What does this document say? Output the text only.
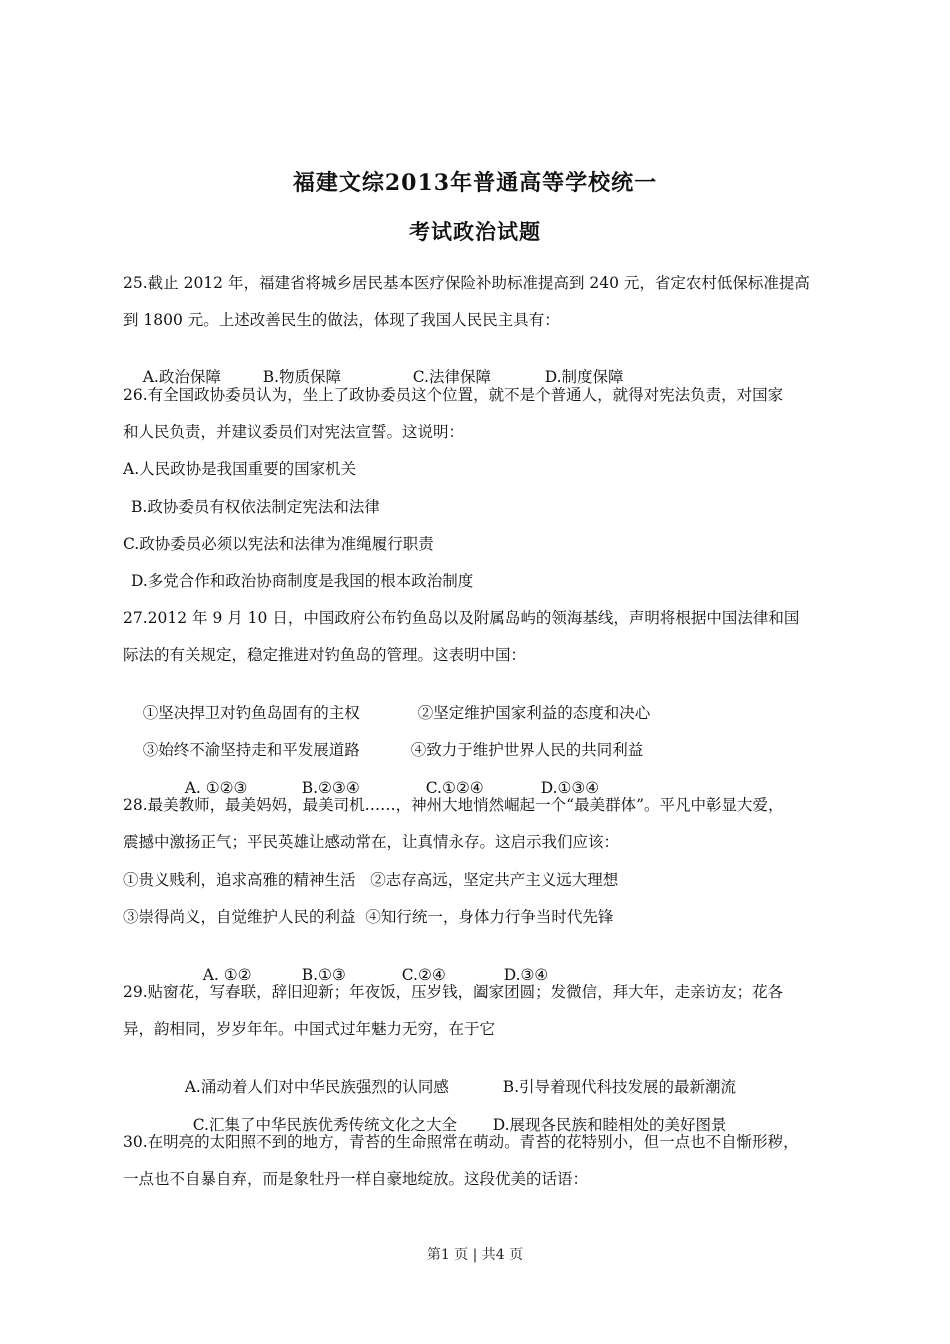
福建文综2013年普通高等学校统一
考试政治试题
25.截止 2012 年，福建省将城乡居民基本医疗保险补助标准提高到 240 元，省定农村低保标准提高
到 1800 元。上述改善民生的做法，体现了我国人民民主具有：

A.政治保障	B.物质保障	C.法律保障	D.制度保障

26.有全国政协委员认为，坐上了政协委员这个位置，就不是个普通人，就得对宪法负责，对国家
和人民负责，并建议委员们对宪法宣誓。这说明：
A.人民政协是我国重要的国家机关
B.政协委员有权依法制定宪法和法律
C.政协委员必须以宪法和法律为准绳履行职责
D.多党合作和政治协商制度是我国的根本政治制度
27.2012 年 9 月 10 日，中国政府公布钓鱼岛以及附属岛屿的领海基线，声明将根据中国法律和国
际法的有关规定，稳定推进对钓鱼岛的管理。这表明中国：

①坚决捍卫对钓鱼岛固有的主权	②坚定维护国家利益的态度和决心

③始终不渝坚持走和平发展道路	④致力于维护世界人民的共同利益

A. ①②③	B.②③④	C.①②④	D.①③④

28.最美教师，最美妈妈，最美司机……，神州大地悄然崛起一个“最美群体”。平凡中彰显大爱，
震撼中激扬正气；平民英雄让感动常在，让真情永存。这启示我们应该：
①贵义贱利，追求高雅的精神生活   ②志存高远，坚定共产主义远大理想
③崇得尚义，自觉维护人民的利益  ④知行统一，身体力行争当时代先锋

A. ①②	B.①③	C.②④	D.③④

29.贴窗花，写春联，辞旧迎新；年夜饭，压岁钱，阖家团圆；发微信，拜大年，走亲访友；花各
异，韵相同，岁岁年年。中国式过年魅力无穷，在于它

A.涌动着人们对中华民族强烈的认同感	B.引导着现代科技发展的最新潮流

C.汇集了中华民族优秀传统文化之大全 D.展现各民族和睦相处的美好图景

30.在明亮的太阳照不到的地方，青苔的生命照常在萌动。青苔的花特别小，但一点也不自惭形秽，
一点也不自暴自弃，而是象牡丹一样自豪地绽放。这段优美的话语：
第1 页 | 共4 页
